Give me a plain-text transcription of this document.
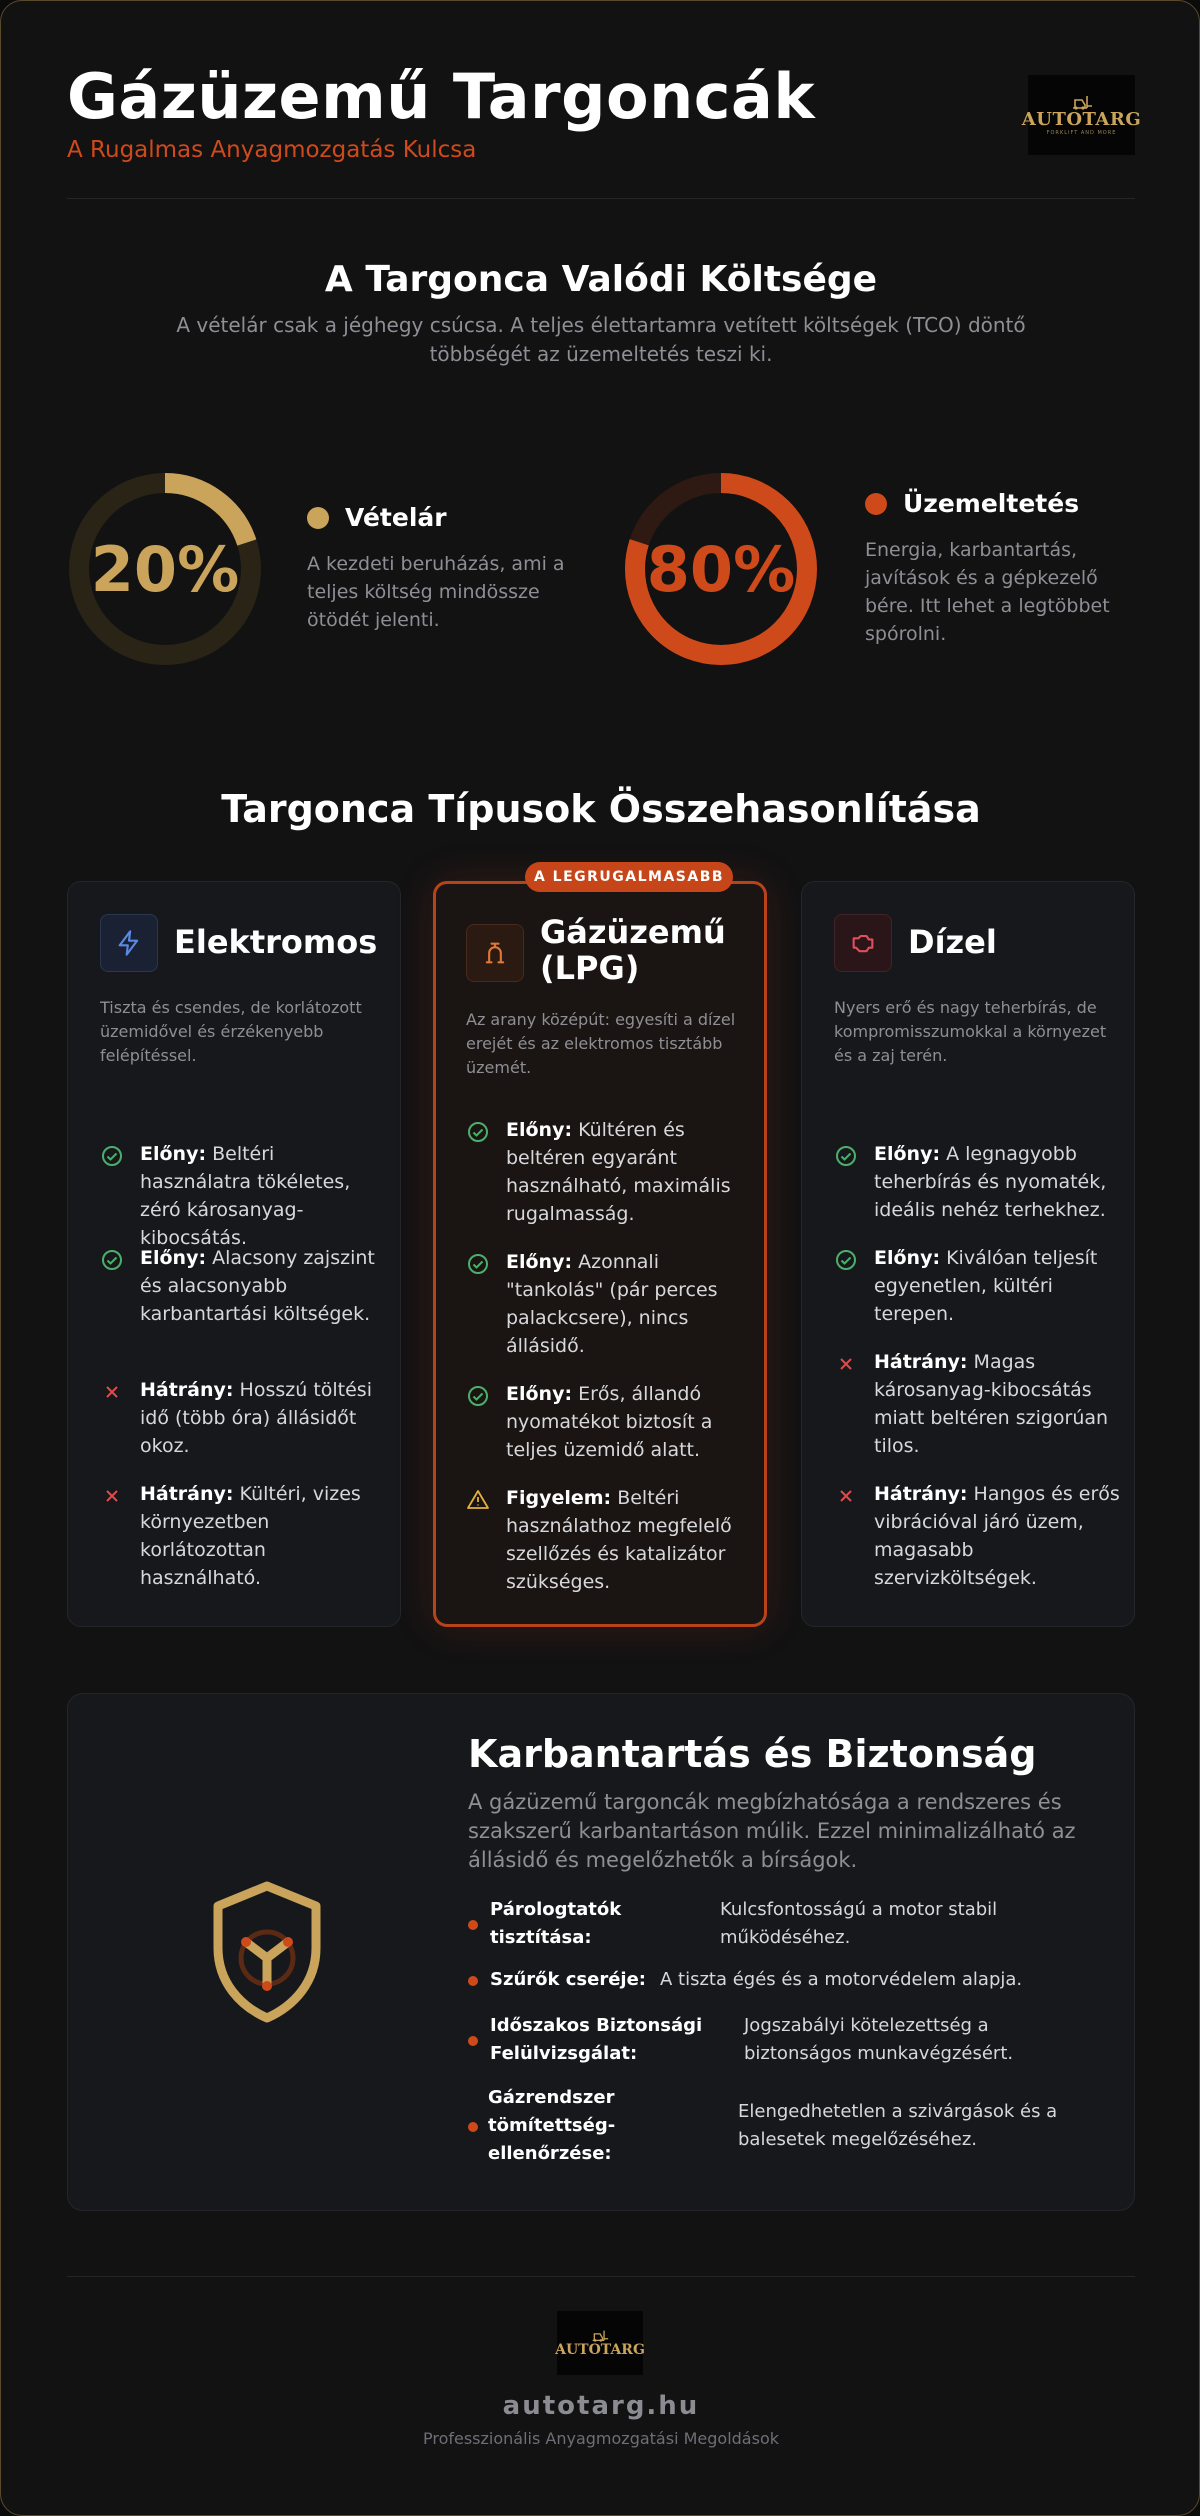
Gázüzemű Targoncák
A Rugalmas Anyagmozgatás Kulcsa
AUTOTARG
FORKLIFT AND MORE
A Targonca Valódi Költsége
A vételár csak a jéghegy csúcsa. A teljes élettartamra vetített költségek (TCO) döntő többségét az üzemeltetés teszi ki.
20%
Vételár
A kezdeti beruházás, ami a teljes költség mindössze ötödét jelenti.
80%
Üzemeltetés
Energia, karbantartás, javítások és a gépkezelő bére. Itt lehet a legtöbbet spórolni.
Targonca Típusok Összehasonlítása
Elektromos
Tiszta és csendes, de korlátozott üzemidővel és érzékenyebb felépítéssel.
Előny: Beltéri használatra tökéletes, zéró károsanyag-kibocsátás.
Előny: Alacsony zajszint és alacsonyabb karbantartási költségek.
Hátrány: Hosszú töltési idő (több óra) állásidőt okoz.
Hátrány: Kültéri, vizes környezetben korlátozottan használható.
Gázüzemű
(LPG)
Az arany középút: egyesíti a dízel erejét és az elektromos tisztább üzemét.
Előny: Kültéren és beltéren egyaránt használható, maximális rugalmasság.
Előny: Azonnali "tankolás" (pár perces palackcsere), nincs állásidő.
Előny: Erős, állandó nyomatékot biztosít a teljes üzemidő alatt.
Figyelem: Beltéri használathoz megfelelő szellőzés és katalizátor szükséges.
A LEGRUGALMASABB
Dízel
Nyers erő és nagy teherbírás, de kompromisszumokkal a környezet és a zaj terén.
Előny: A legnagyobb teherbírás és nyomaték, ideális nehéz terhekhez.
Előny: Kiválóan teljesít egyenetlen, kültéri terepen.
Hátrány: Magas károsanyag-kibocsátás miatt beltéren szigorúan tilos.
Hátrány: Hangos és erős vibrációval járó üzem, magasabb szervizköltségek.
Karbantartás és Biztonság
A gázüzemű targoncák megbízhatósága a rendszeres és szakszerű karbantartáson múlik. Ezzel minimalizálható az állásidő és megelőzhetők a bírságok.
Párologtatók tisztítása:
Kulcsfontosságú a motor stabil működéséhez.
Szűrők cseréje: A tiszta égés és a motorvédelem alapja.
Időszakos Biztonsági Felülvizsgálat:
Jogszabályi kötelezettség a biztonságos munkavégzésért.
Gázrendszer tömítettség-ellenőrzése:
Elengedhetetlen a szivárgások és a balesetek megelőzéséhez.
AUTOTARG
autotarg.hu
Professzionális Anyagmozgatási Megoldások
